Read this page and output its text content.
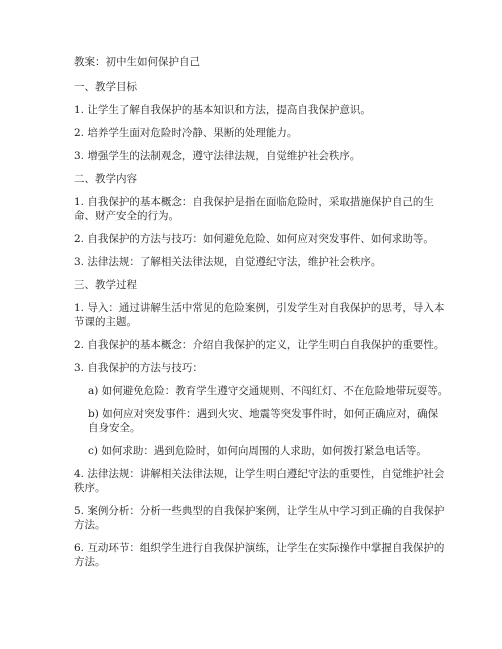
教案：初中生如何保护自己
一、教学目标
1. 让学生了解自我保护的基本知识和方法，提高自我保护意识。
2. 培养学生面对危险时冷静、果断的处理能力。
3. 增强学生的法制观念，遵守法律法规，自觉维护社会秩序。
二、教学内容
1. 自我保护的基本概念：自我保护是指在面临危险时，采取措施保护自己的生命、财产安全的行为。
2. 自我保护的方法与技巧：如何避免危险、如何应对突发事件、如何求助等。
3. 法律法规：了解相关法律法规，自觉遵纪守法，维护社会秩序。
三、教学过程
1. 导入：通过讲解生活中常见的危险案例，引发学生对自我保护的思考，导入本节课的主题。
2. 自我保护的基本概念：介绍自我保护的定义，让学生明白自我保护的重要性。
3. 自我保护的方法与技巧：
a) 如何避免危险：教育学生遵守交通规则、不闯红灯、不在危险地带玩耍等。
b) 如何应对突发事件：遇到火灾、地震等突发事件时，如何正确应对，确保自身安全。
c) 如何求助：遇到危险时，如何向周围的人求助，如何拨打紧急电话等。
4. 法律法规：讲解相关法律法规，让学生明白遵纪守法的重要性，自觉维护社会秩序。
5. 案例分析：分析一些典型的自我保护案例，让学生从中学习到正确的自我保护方法。
6. 互动环节：组织学生进行自我保护演练，让学生在实际操作中掌握自我保护的方法。
